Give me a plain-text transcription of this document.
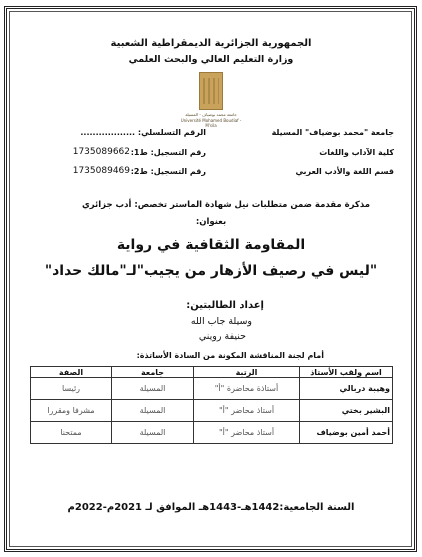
الجمهورية الجزائرية الديمقراطية الشعبية
وزارة التعليم العالي والبحث العلمي
جامعة محمد بوضياف - المسيلة
Université Mohamed Boudiaf - M'sila
جامعة "محمد بوضياف" المسيلة
كلية الآداب واللغات
قسم اللغة والأدب العربي
الرقم التسلسلي: ..................
رقم التسجيل: ط1:
1735089662
رقم التسجيل: ط2:
1735089469
مذكرة مقدمة ضمن متطلبات نيل شهادة الماستر تخصص: أدب جزائري
بعنوان:
المقاومة الثقافية في رواية
"ليس في رصيف الأزهار من يجيب"لـ"مالك حداد"
إعداد الطالبتين:
وسيلة جاب الله
حنيفة رويني
أمام لجنة المناقشة المكونة من السادة الأساتذة:
اسم ولقب الأستاذ	الرتبة	جامعة	الصفة
وهيبة دربالي	أستاذة محاضرة "أ"	المسيلة	رئيسا
البشير بختي	أستاذ محاضر "أ"	المسيلة	مشرفا ومقررا
أحمد أمين بوضياف	أستاذ محاضر "أ"	المسيلة	ممتحنا
السنة الجامعية:1442هـ-1443هـ الموافق لـ 2021م-2022م
